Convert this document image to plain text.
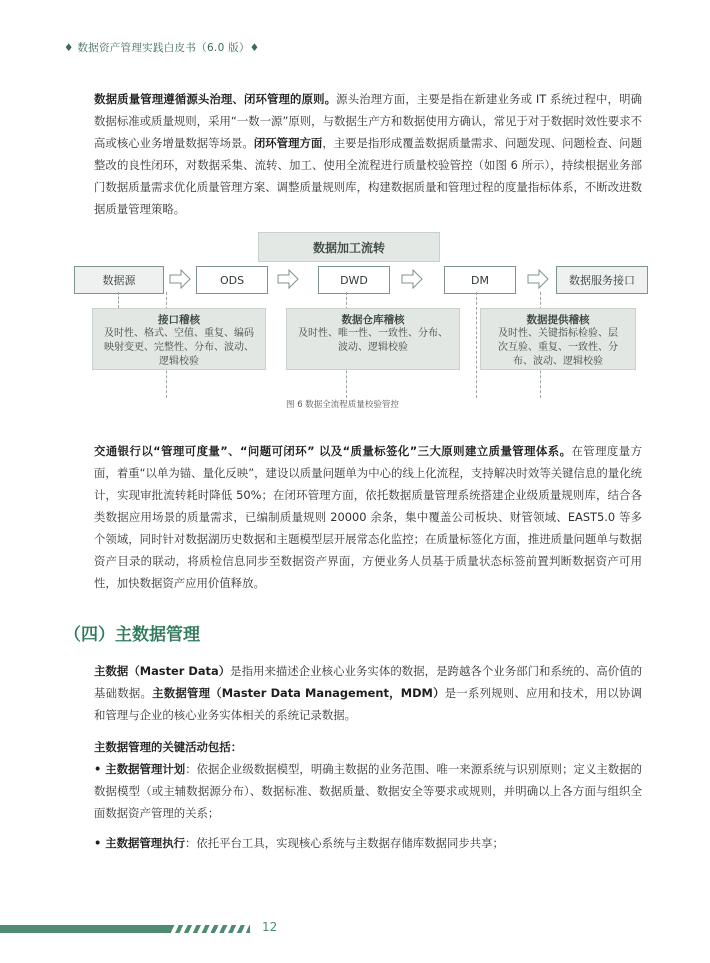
♦ 数据资产管理实践白皮书（6.0 版）♦
数据质量管理遵循源头治理、闭环管理的原则。源头治理方面，主要是指在新建业务或 IT 系统过程中，明确数据标准或质量规则，采用“一数一源”原则，与数据生产方和数据使用方确认，常见于对于数据时效性要求不高或核心业务增量数据等场景。闭环管理方面，主要是指形成覆盖数据质量需求、问题发现、问题检查、问题整改的良性闭环，对数据采集、流转、加工、使用全流程进行质量校验管控（如图 6 所示），持续根据业务部门数据质量需求优化质量管理方案、调整质量规则库，构建数据质量和管理过程的度量指标体系，不断改进数据质量管理策略。
数据加工流转
数据源	ODS	DWD	DM	数据服务接口
接口稽核
及时性、格式、空值、重复、编码
映射变更、完整性、分布、波动、
逻辑校验
数据仓库稽核
及时性、唯一性、一致性、分布、
波动、逻辑校验
数据提供稽核
及时性、关键指标检验、层
次互验、重复、一致性、分
布、波动、逻辑校验
图 6 数据全流程质量校验管控
交通银行以“管理可度量”、“问题可闭环” 以及“质量标签化”三大原则建立质量管理体系。在管理度量方面，着重“以单为锚、量化反映”，建设以质量问题单为中心的线上化流程，支持解决时效等关键信息的量化统计，实现审批流转耗时降低 50%；在闭环管理方面，依托数据质量管理系统搭建企业级质量规则库，结合各类数据应用场景的质量需求，已编制质量规则 20000 余条，集中覆盖公司板块、财管领域、EAST5.0 等多个领域，同时针对数据湖历史数据和主题模型层开展常态化监控；在质量标签化方面，推进质量问题单与数据资产目录的联动，将质检信息同步至数据资产界面，方便业务人员基于质量状态标签前置判断数据资产可用性，加快数据资产应用价值释放。
（四）主数据管理
主数据（Master Data）是指用来描述企业核心业务实体的数据，是跨越各个业务部门和系统的、高价值的基础数据。主数据管理（Master Data Management，MDM）是一系列规则、应用和技术，用以协调和管理与企业的核心业务实体相关的系统记录数据。
主数据管理的关键活动包括：
• 主数据管理计划：依据企业级数据模型，明确主数据的业务范围、唯一来源系统与识别原则；定义主数据的数据模型（或主辅数据源分布）、数据标准、数据质量、数据安全等要求或规则，并明确以上各方面与组织全面数据资产管理的关系；
• 主数据管理执行：依托平台工具，实现核心系统与主数据存储库数据同步共享；
12
